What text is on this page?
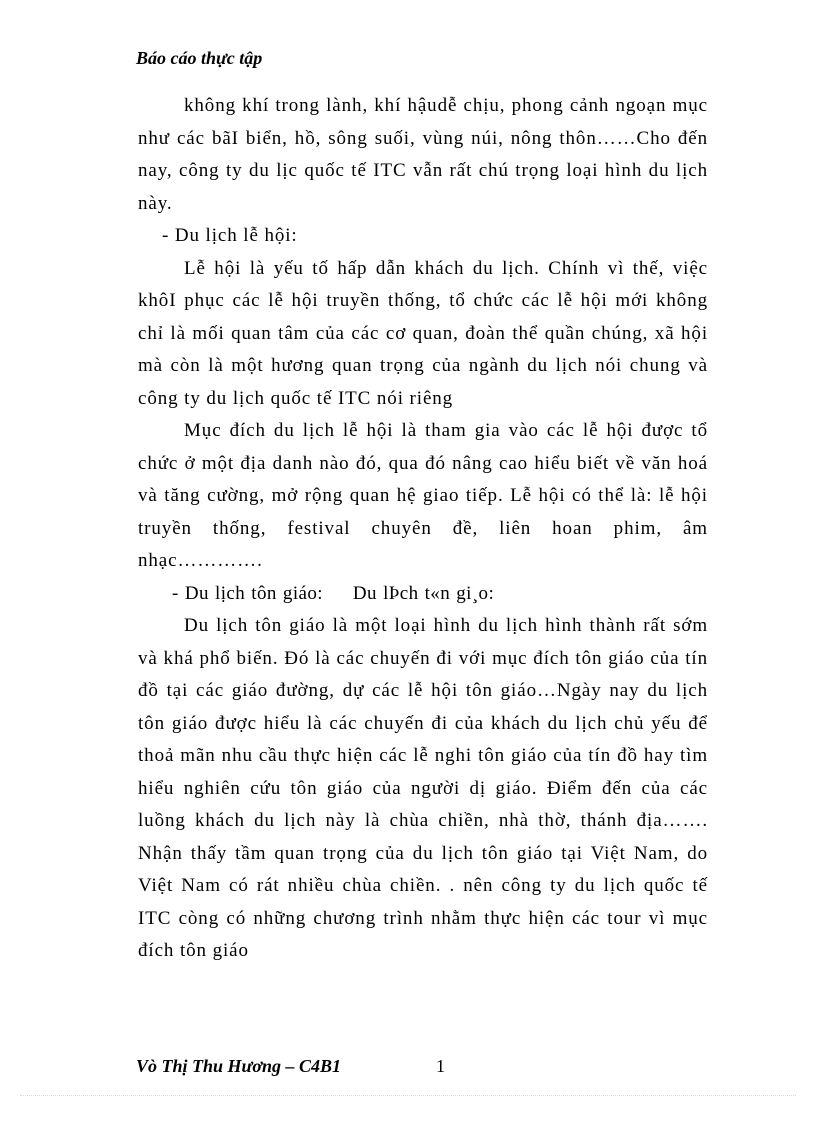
Báo cáo thực tập

không khí trong lành, khí hậudễ chịu, phong cảnh ngoạn mục như các bãI biển, hồ, sông suối, vùng núi, nông thôn……Cho đến nay, công ty du lịc quốc tế ITC vẫn rất chú trọng loại hình du lịch này.

- Du lịch lễ hội:

Lễ hội là yếu tố hấp dẫn khách du lịch. Chính vì thế, việc khôI phục các lễ hội truyền thống, tổ chức các lễ hội mới không chỉ là mối quan tâm của các cơ quan, đoàn thể quần chúng, xã hội mà còn là một hương quan trọng của ngành du lịch nói chung và công ty du lịch quốc tế ITC nói riêng

Mục đích du lịch lễ hội là tham gia vào các lễ hội được tổ chức ở một địa danh nào đó, qua đó nâng cao hiểu biết về văn hoá và tăng cường, mở rộng quan hệ giao tiếp. Lễ hội có thể là: lễ hội truyền thống, festival chuyên đề, liên hoan phim, âm nhạc………….

- Du lịch tôn giáo: Du lÞch t«n gi¸o:

Du lịch tôn giáo là một loại hình du lịch hình thành rất sớm và khá phổ biến. Đó là các chuyến đi với mục đích tôn giáo của tín đồ tại các giáo đường, dự các lễ hội tôn giáo…Ngày nay du lịch tôn giáo được hiểu là các chuyến đi của khách du lịch chủ yếu để thoả mãn nhu cầu thực hiện các lễ nghi tôn giáo của tín đồ hay tìm hiểu nghiên cứu tôn giáo của người dị giáo. Điểm đến của các luồng khách du lịch này là chùa chiền, nhà thờ, thánh địa……. Nhận thấy tầm quan trọng của du lịch tôn giáo tại Việt Nam, do Việt Nam có rát nhiều chùa chiền. . nên công ty du lịch quốc tế ITC còng có những chương trình nhằm thực hiện các tour vì mục đích tôn giáo

Vò Thị Thu Hương – C4B1	1
